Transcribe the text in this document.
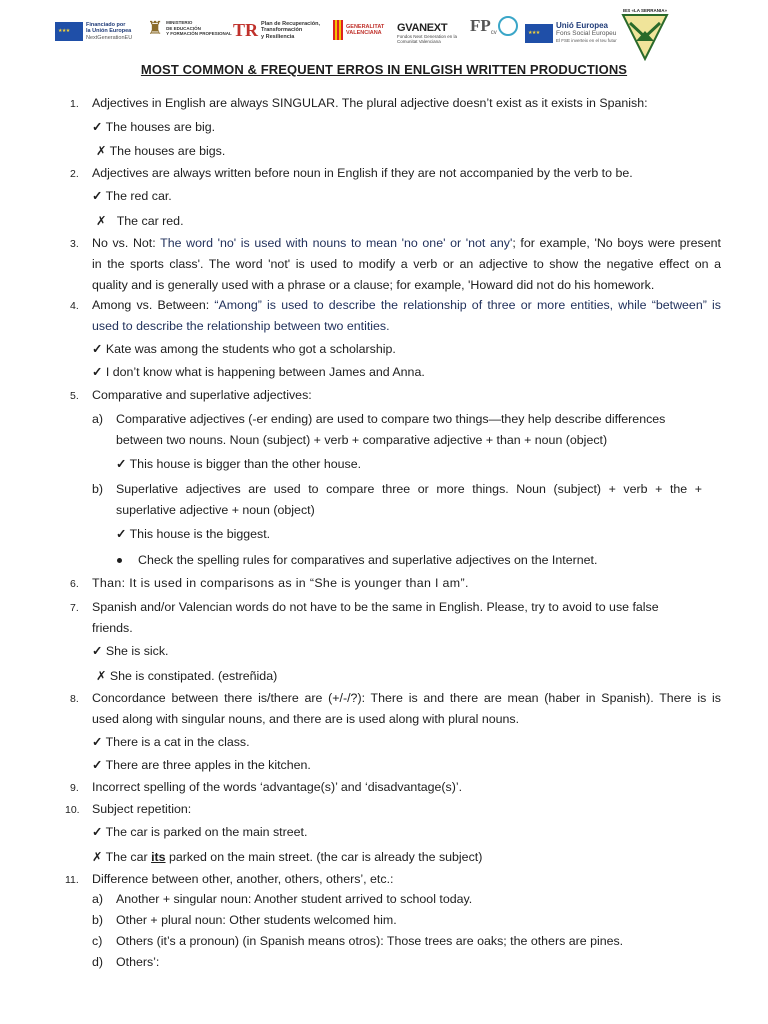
★ ★ ★
Financiado por
la Unión Europea
NextGenerationEU ♜ MINISTERIO
DE EDUCACIÓN
Y FORMACIÓN PROFESIONAL TR Plan de Recuperación,
Transformación
y Resiliencia
GENERALITAT
VALENCIANA GVANEXT
Fondos Next Generation en la Comunitat Valenciana
FP cv
★ ★ ★
Unió Europea
Fons Social Europeu
El FSE inverteix en el teu futur
IES «LA SERRANIA»
MOST COMMON & FREQUENT ERROS IN ENLGISH WRITTEN PRODUCTIONS
1. Adjectives in English are always SINGULAR. The plural adjective doesn’t exist as it exists in Spanish:
✓ The houses are big.
✗ The houses are bigs.
2. Adjectives are always written before noun in English if they are not accompanied by the verb to be.
✓ The red car.
✗ The car red.
3. No vs. Not: The word 'no' is used with nouns to mean 'no one' or 'not any'; for example, 'No boys were present
in the sports class'. The word 'not' is used to modify a verb or an adjective to show the negative effect on a
quality and is generally used with a phrase or a clause; for example, 'Howard did not do his homework.
4. Among vs. Between: “Among” is used to describe the relationship of three or more entities, while “between” is
used to describe the relationship between two entities.
✓ Kate was among the students who got a scholarship.
✓ I don’t know what is happening between James and Anna.
5. Comparative and superlative adjectives:
a) Comparative adjectives (-er ending) are used to compare two things—they help describe differences
between two nouns. Noun (subject) + verb + comparative adjective + than + noun (object)
✓ This house is bigger than the other house.
b) Superlative adjectives are used to compare three or more things. Noun (subject) + verb + the +
superlative adjective + noun (object)
✓ This house is the biggest.
Check the spelling rules for comparatives and superlative adjectives on the Internet.
6. Than: It is used in comparisons as in “She is younger than I am”.
7. Spanish and/or Valencian words do not have to be the same in English. Please, try to avoid to use false
friends.
✓ She is sick.
✗ She is constipated. (estreñida)
8. Concordance between there is/there are (+/-/?): There is and there are mean (haber in Spanish). There is is
used along with singular nouns, and there are is used along with plural nouns.
✓ There is a cat in the class.
✓ There are three apples in the kitchen.
9. Incorrect spelling of the words ‘advantage(s)’ and ‘disadvantage(s)’.
10. Subject repetition:
✓ The car is parked on the main street.
✗ The car its parked on the main street. (the car is already the subject)
11. Difference between other, another, others, others’, etc.:
a) Another + singular noun: Another student arrived to school today.
b) Other + plural noun: Other students welcomed him.
c) Others (it’s a pronoun) (in Spanish means otros): Those trees are oaks; the others are pines.
d) Others’:
